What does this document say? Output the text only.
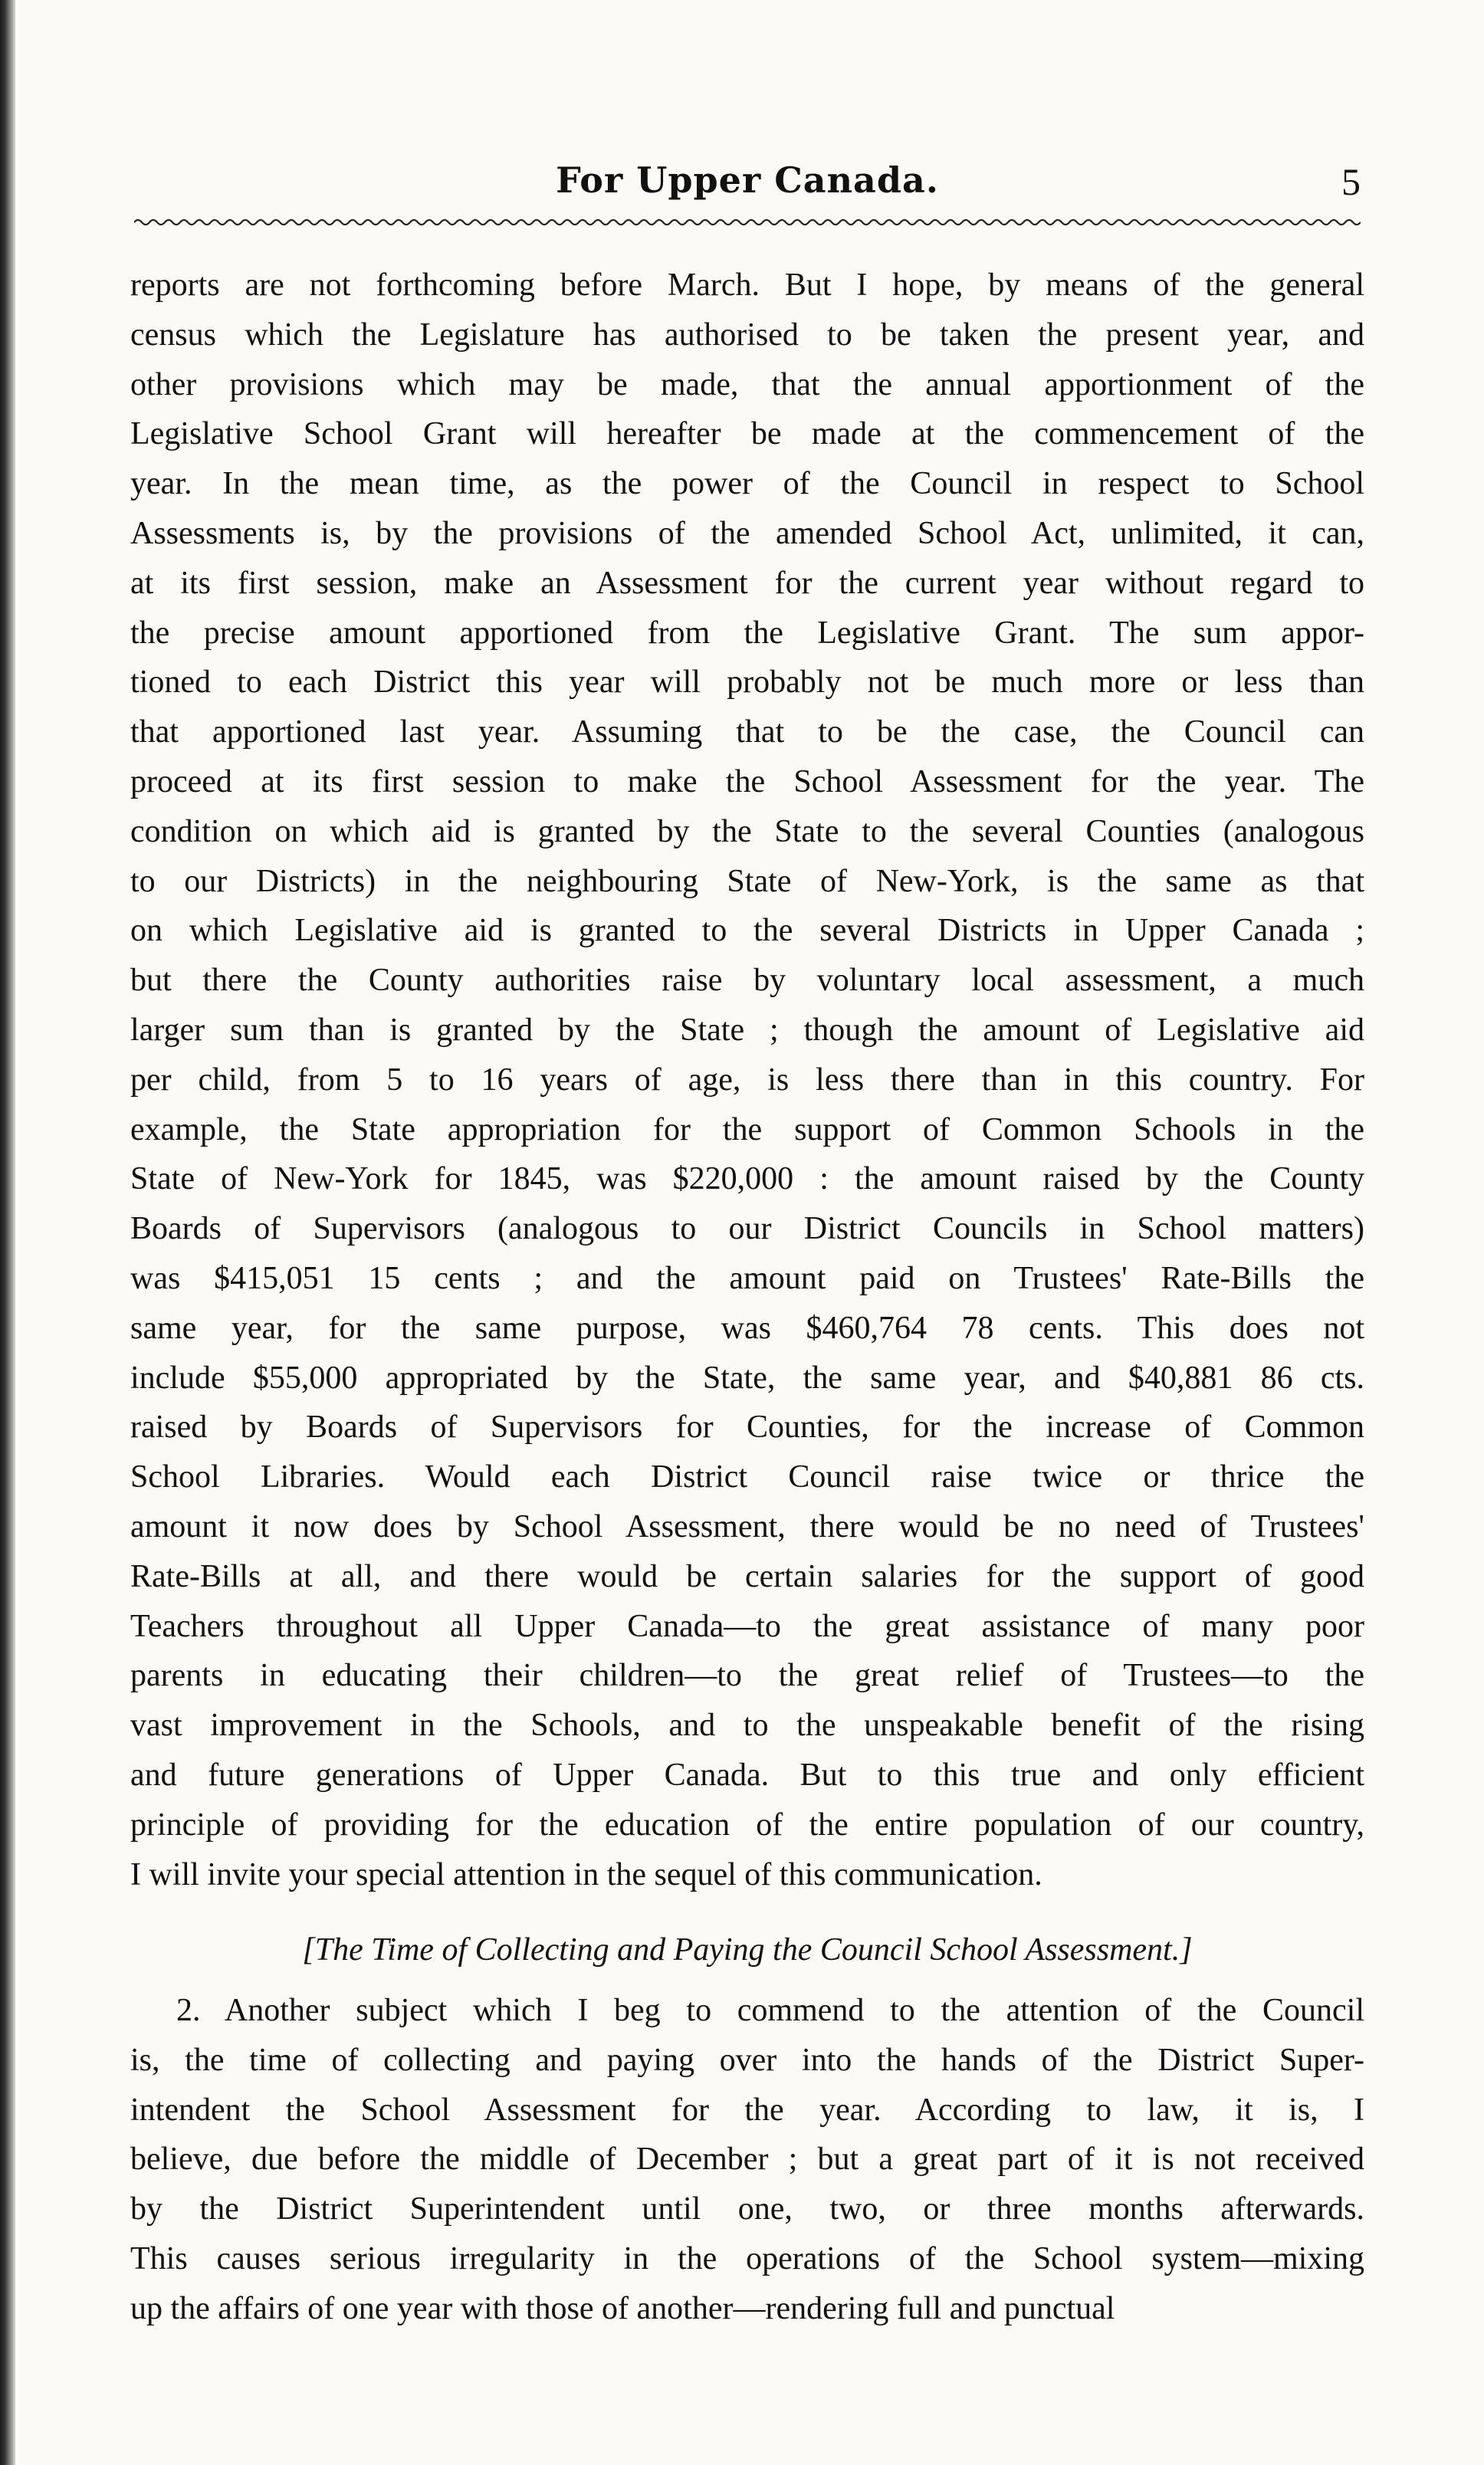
For Upper Canada.	5
reports are not forthcoming before March. But I hope, by means of the general
census which the Legislature has authorised to be taken the present year, and
other provisions which may be made, that the annual apportionment of the
Legislative School Grant will hereafter be made at the commencement of the
year. In the mean time, as the power of the Council in respect to School
Assessments is, by the provisions of the amended School Act, unlimited, it can,
at its first session, make an Assessment for the current year without regard to
the precise amount apportioned from the Legislative Grant. The sum appor-
tioned to each District this year will probably not be much more or less than
that apportioned last year. Assuming that to be the case, the Council can
proceed at its first session to make the School Assessment for the year. The
condition on which aid is granted by the State to the several Counties (analogous
to our Districts) in the neighbouring State of New-York, is the same as that
on which Legislative aid is granted to the several Districts in Upper Canada ;
but there the County authorities raise by voluntary local assessment, a much
larger sum than is granted by the State ; though the amount of Legislative aid
per child, from 5 to 16 years of age, is less there than in this country. For
example, the State appropriation for the support of Common Schools in the
State of New-York for 1845, was $220,000 : the amount raised by the County
Boards of Supervisors (analogous to our District Councils in School matters)
was $415,051 15 cents ; and the amount paid on Trustees' Rate-Bills the
same year, for the same purpose, was $460,764 78 cents. This does not
include $55,000 appropriated by the State, the same year, and $40,881 86 cts.
raised by Boards of Supervisors for Counties, for the increase of Common
School Libraries. Would each District Council raise twice or thrice the
amount it now does by School Assessment, there would be no need of Trustees'
Rate-Bills at all, and there would be certain salaries for the support of good
Teachers throughout all Upper Canada—to the great assistance of many poor
parents in educating their children—to the great relief of Trustees—to the
vast improvement in the Schools, and to the unspeakable benefit of the rising
and future generations of Upper Canada. But to this true and only efficient
principle of providing for the education of the entire population of our country,
I will invite your special attention in the sequel of this communication.
[The Time of Collecting and Paying the Council School Assessment.]
2. Another subject which I beg to commend to the attention of the Council
is, the time of collecting and paying over into the hands of the District Super-
intendent the School Assessment for the year. According to law, it is, I
believe, due before the middle of December ; but a great part of it is not received
by the District Superintendent until one, two, or three months afterwards.
This causes serious irregularity in the operations of the School system—mixing
up the affairs of one year with those of another—rendering full and punctual
